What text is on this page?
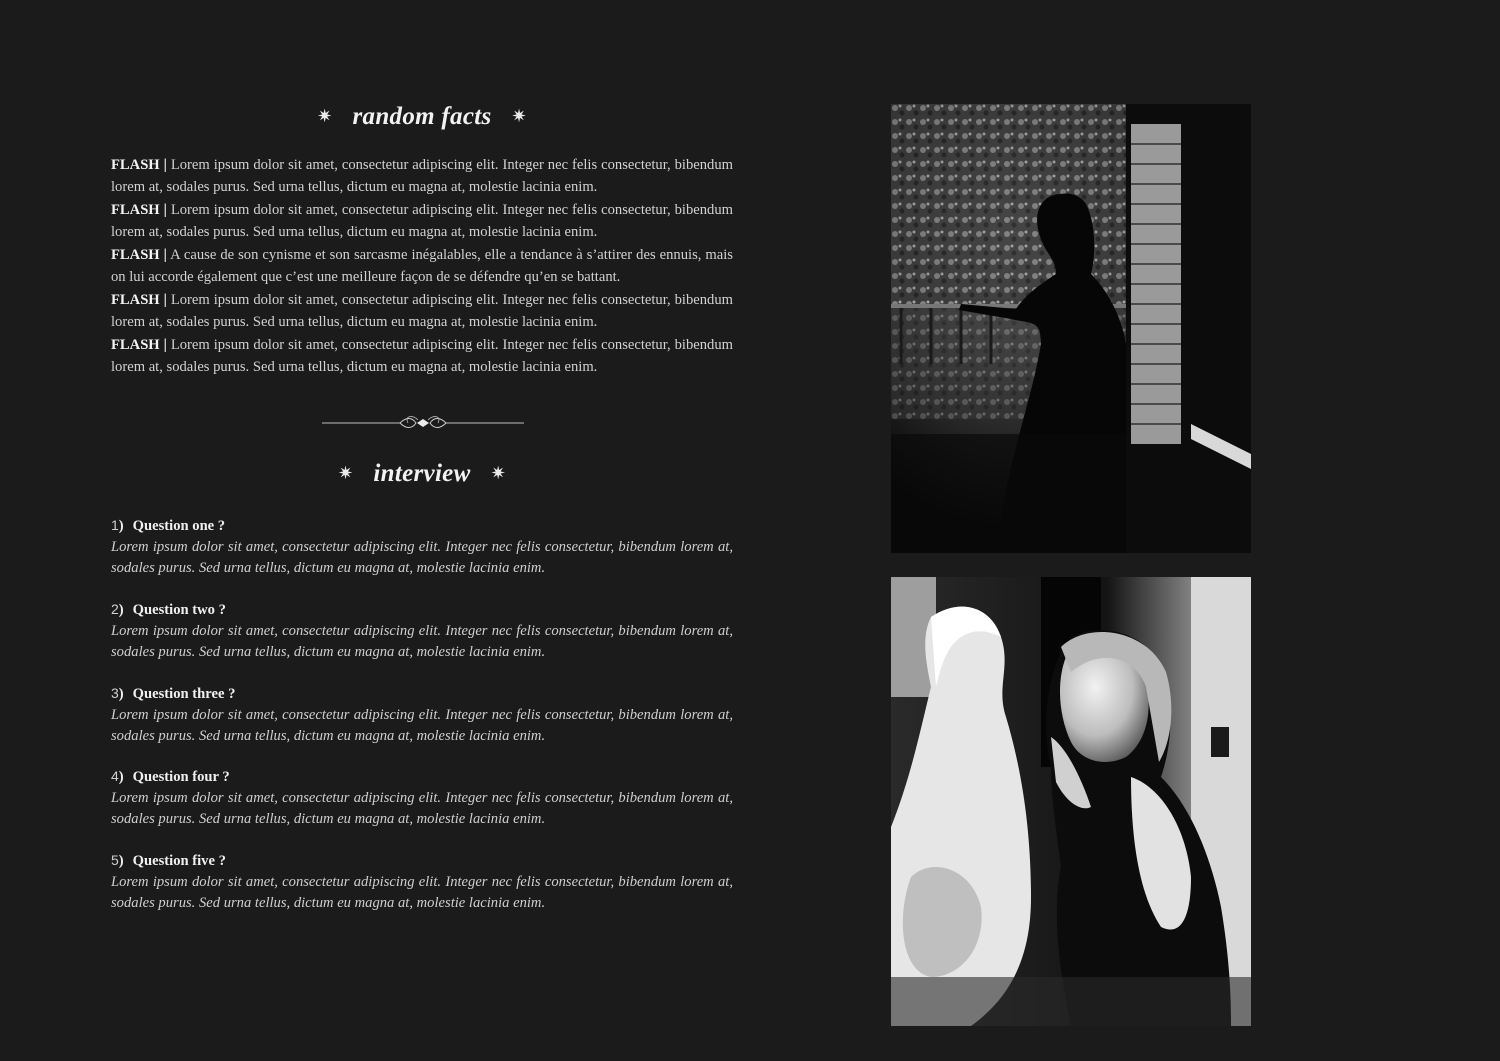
✷ random facts ✷

FLASH | Lorem ipsum dolor sit amet, consectetur adipiscing elit. Integer nec felis consectetur, bibendum lorem at, sodales purus. Sed urna tellus, dictum eu magna at, molestie lacinia enim.

FLASH | Lorem ipsum dolor sit amet, consectetur adipiscing elit. Integer nec felis consectetur, bibendum lorem at, sodales purus. Sed urna tellus, dictum eu magna at, molestie lacinia enim.

FLASH | A cause de son cynisme et son sarcasme inégalables, elle a tendance à s’attirer des ennuis, mais on lui accorde également que c’est une meilleure façon de se défendre qu’en se battant.

FLASH | Lorem ipsum dolor sit amet, consectetur adipiscing elit. Integer nec felis consectetur, bibendum lorem at, sodales purus. Sed urna tellus, dictum eu magna at, molestie lacinia enim.

FLASH | Lorem ipsum dolor sit amet, consectetur adipiscing elit. Integer nec felis consectetur, bibendum lorem at, sodales purus. Sed urna tellus, dictum eu magna at, molestie lacinia enim.

✷ interview ✷
1) Question one ?
Lorem ipsum dolor sit amet, consectetur adipiscing elit. Integer nec felis consectetur, bibendum lorem at, sodales purus. Sed urna tellus, dictum eu magna at, molestie lacinia enim.
2) Question two ?
Lorem ipsum dolor sit amet, consectetur adipiscing elit. Integer nec felis consectetur, bibendum lorem at, sodales purus. Sed urna tellus, dictum eu magna at, molestie lacinia enim.
3) Question three ?
Lorem ipsum dolor sit amet, consectetur adipiscing elit. Integer nec felis consectetur, bibendum lorem at, sodales purus. Sed urna tellus, dictum eu magna at, molestie lacinia enim.
4) Question four ?
Lorem ipsum dolor sit amet, consectetur adipiscing elit. Integer nec felis consectetur, bibendum lorem at, sodales purus. Sed urna tellus, dictum eu magna at, molestie lacinia enim.
5) Question five ?
Lorem ipsum dolor sit amet, consectetur adipiscing elit. Integer nec felis consectetur, bibendum lorem at, sodales purus. Sed urna tellus, dictum eu magna at, molestie lacinia enim.
